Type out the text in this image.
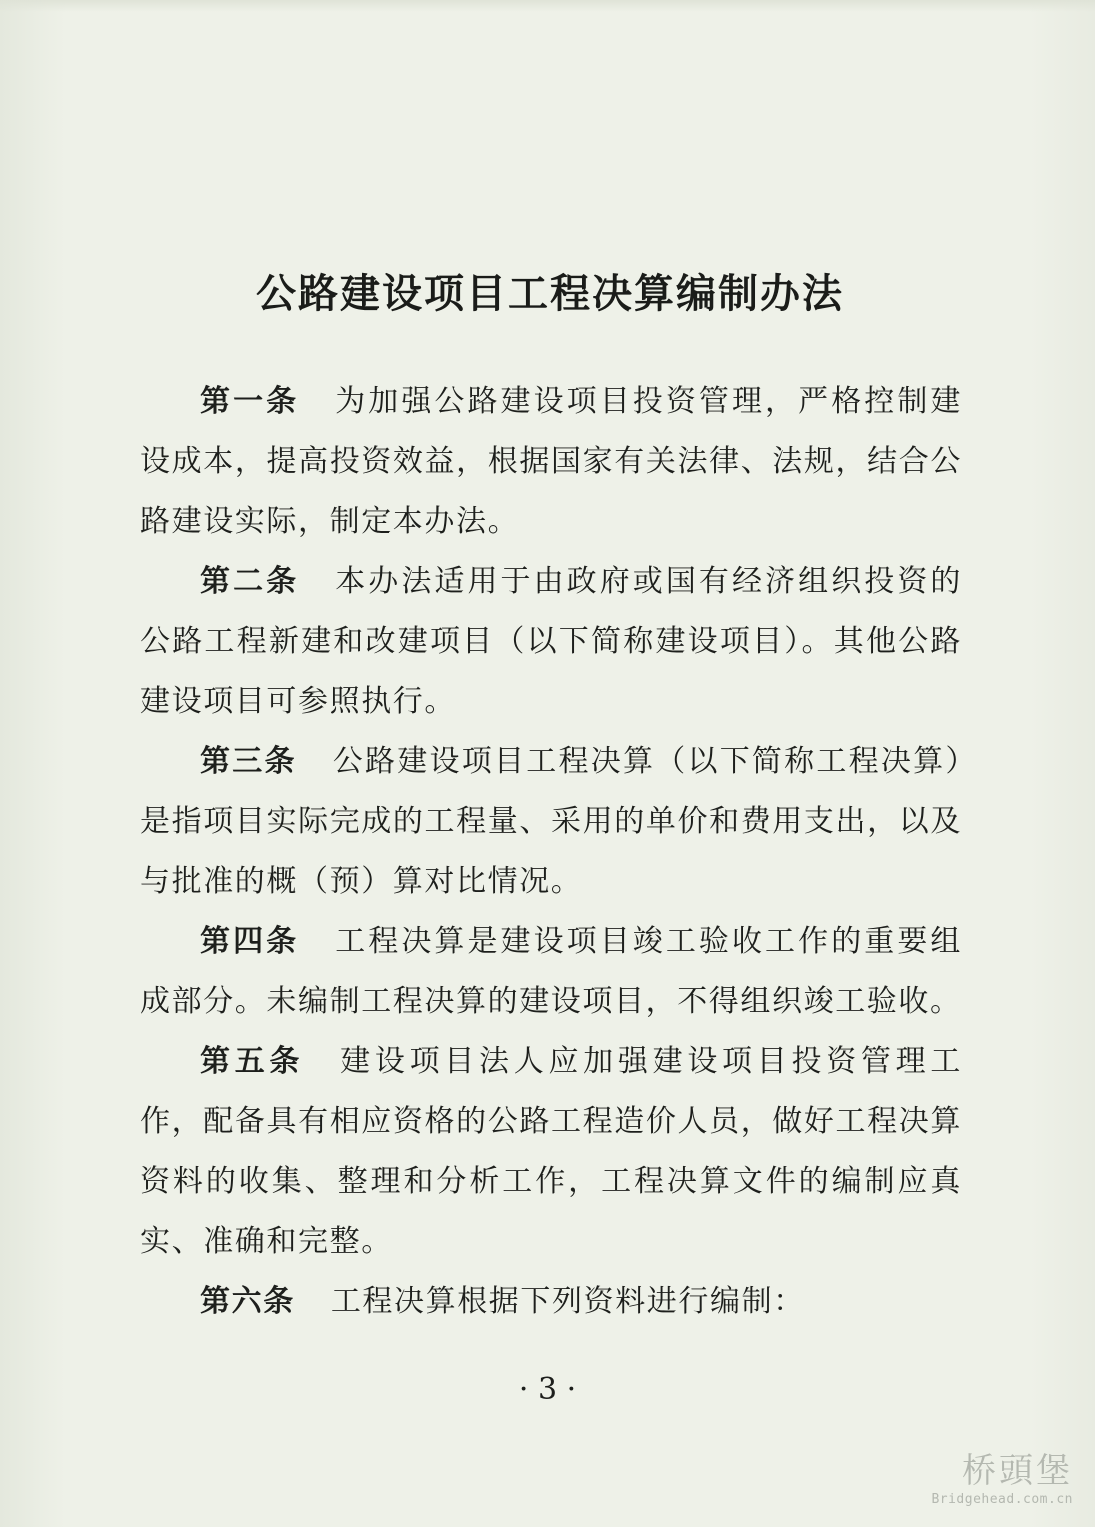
公路建设项目工程决算编制办法

第一条 为加强公路建设项目投资管理，严格控制建设成本，提高投资效益，根据国家有关法律、法规，结合公路建设实际，制定本办法。

第二条 本办法适用于由政府或国有经济组织投资的公路工程新建和改建项目（以下简称建设项目）。其他公路建设项目可参照执行。

第三条 公路建设项目工程决算（以下简称工程决算）是指项目实际完成的工程量、采用的单价和费用支出，以及与批准的概（预）算对比情况。

第四条 工程决算是建设项目竣工验收工作的重要组成部分。未编制工程决算的建设项目，不得组织竣工验收。

第五条 建设项目法人应加强建设项目投资管理工作，配备具有相应资格的公路工程造价人员，做好工程决算资料的收集、整理和分析工作，工程决算文件的编制应真实、准确和完整。

第六条 工程决算根据下列资料进行编制：

· 3 ·
桥頭堡
Bridgehead.com.cn
